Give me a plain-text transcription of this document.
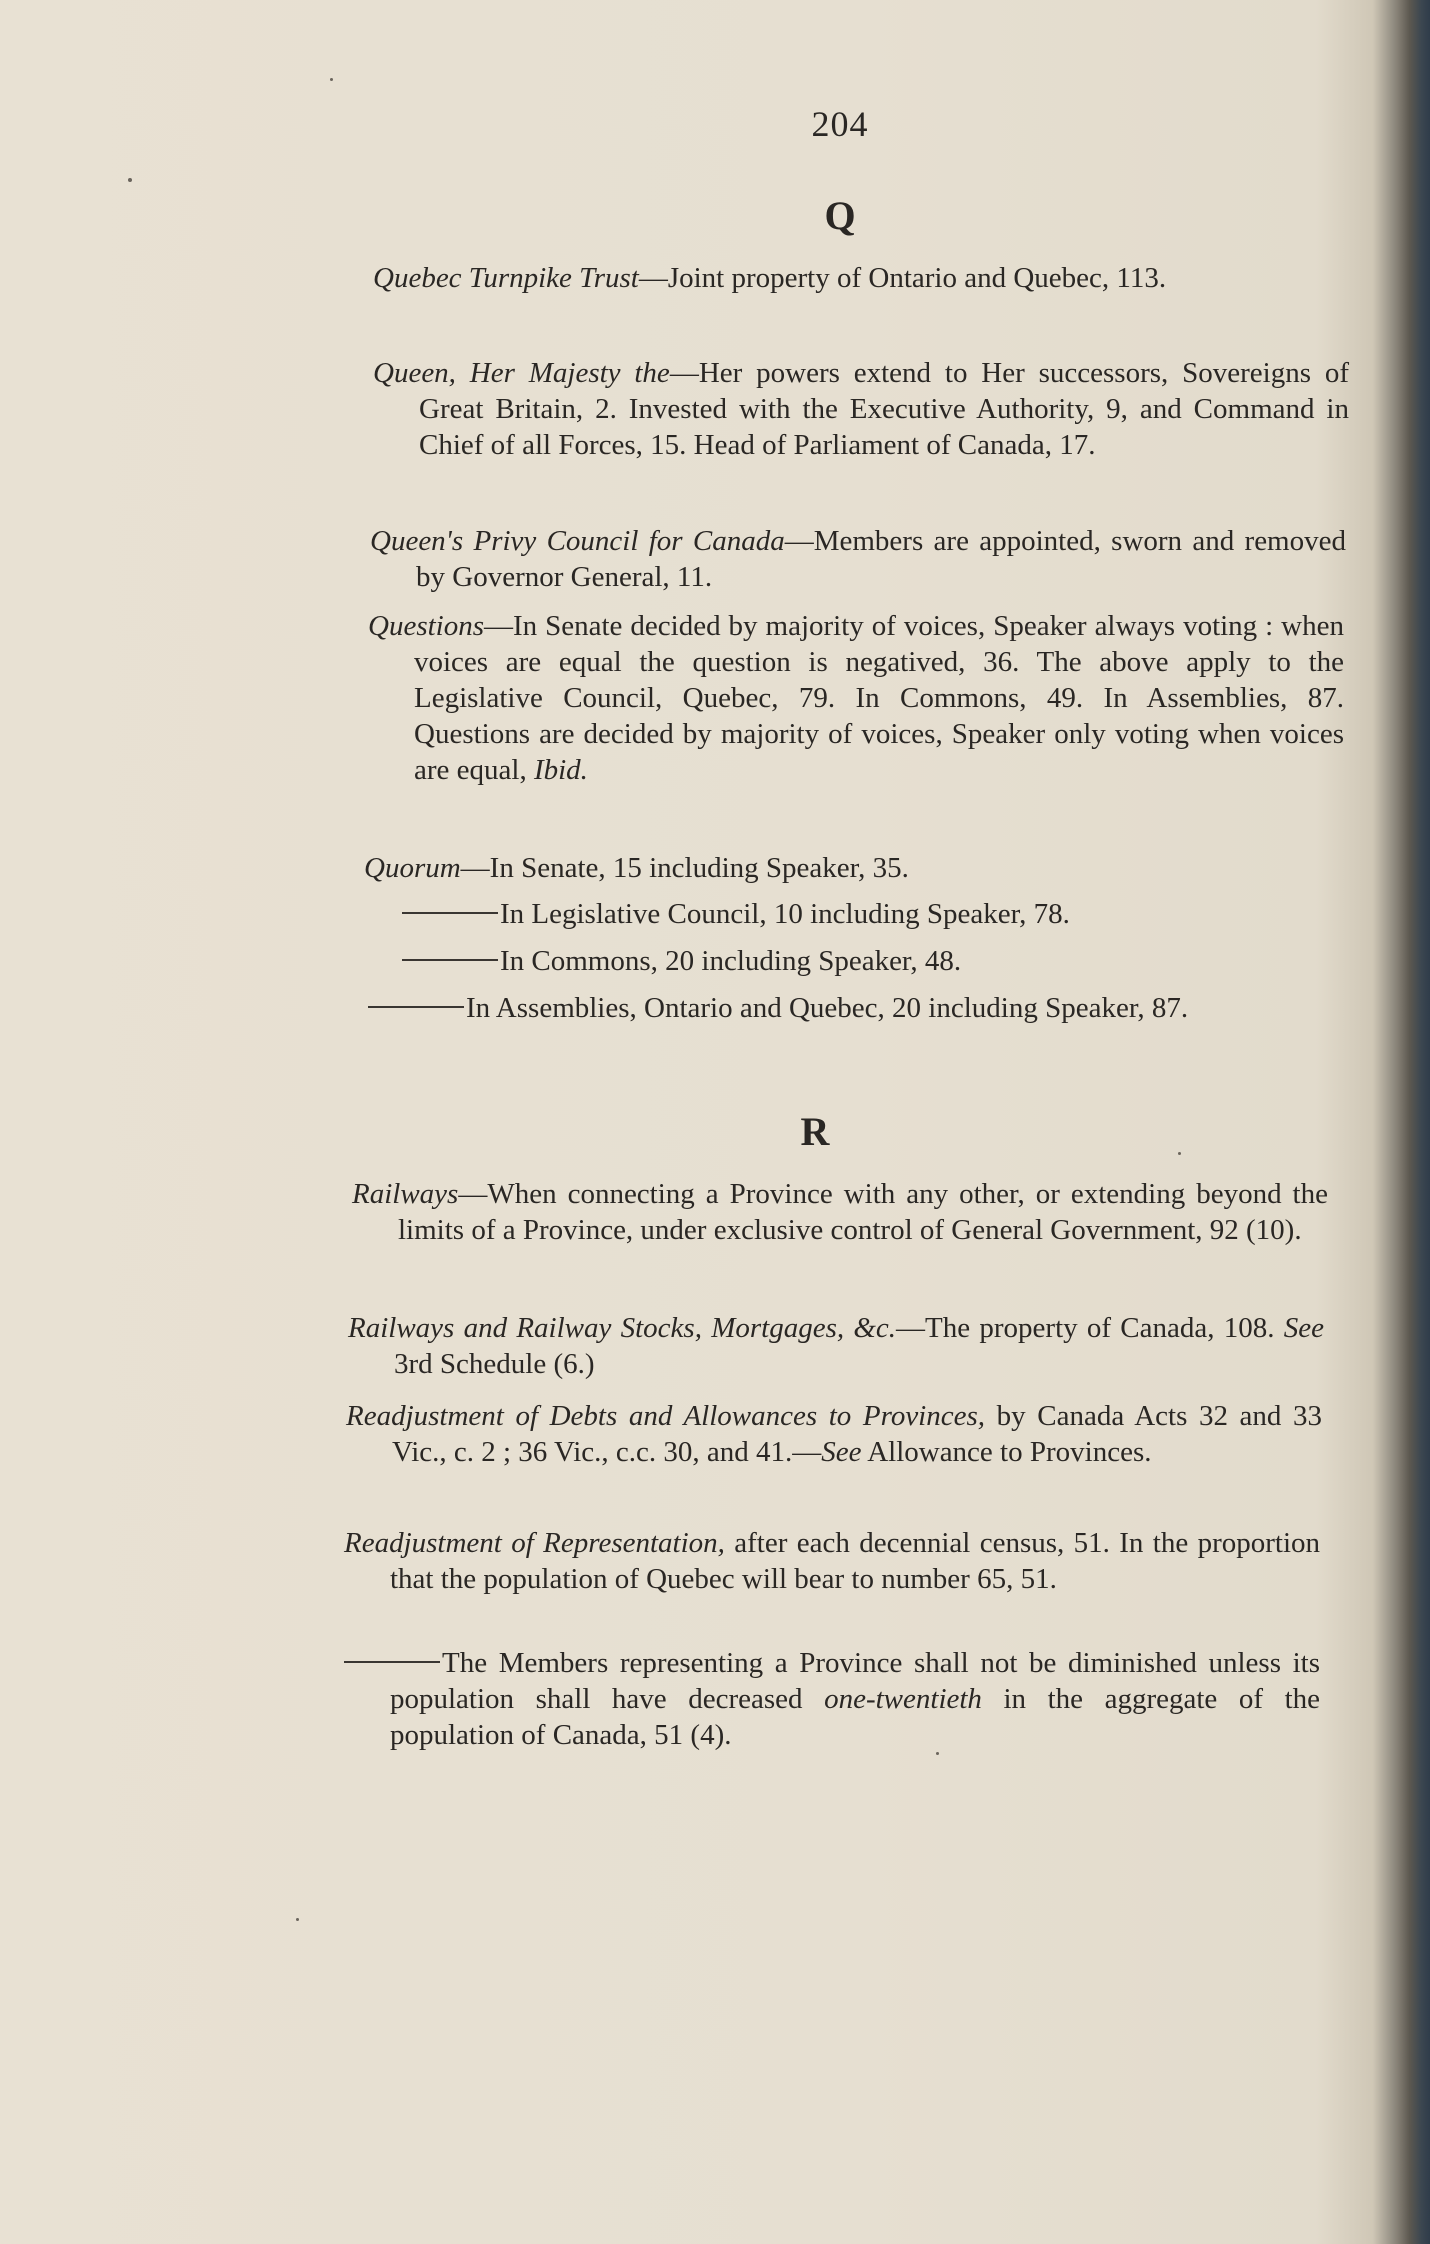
204
Q
Quebec Turnpike Trust—Joint property of Ontario and Quebec, 113.
Queen, Her Majesty the—Her powers extend to Her successors, Sovereigns of Great Britain, 2. Invested with the Executive Authority, 9, and Command in Chief of all Forces, 15. Head of Parliament of Canada, 17.
Queen's Privy Council for Canada—Members are appointed, sworn and removed by Governor General, 11.
Questions—In Senate decided by majority of voices, Speaker always voting : when voices are equal the question is negatived, 36. The above apply to the Legislative Council, Quebec, 79. In Commons, 49. In Assemblies, 87. Questions are decided by majority of voices, Speaker only voting when voices are equal, Ibid.
Quorum—In Senate, 15 including Speaker, 35.
In Legislative Council, 10 including Speaker, 78.
In Commons, 20 including Speaker, 48.
In Assemblies, Ontario and Quebec, 20 including Speaker, 87.
R
Railways—When connecting a Province with any other, or extending beyond the limits of a Province, under exclusive control of General Government, 92 (10).
Railways and Railway Stocks, Mortgages, &c.—The property of Canada, 108. See 3rd Schedule (6.)
Readjustment of Debts and Allowances to Provinces, by Canada Acts 32 and 33 Vic., c. 2 ; 36 Vic., c.c. 30, and 41.—See Allowance to Provinces.
Readjustment of Representation, after each decennial census, 51. In the proportion that the population of Quebec will bear to number 65, 51.
The Members representing a Province shall not be diminished unless its population shall have decreased one-twentieth in the aggregate of the population of Canada, 51 (4).
